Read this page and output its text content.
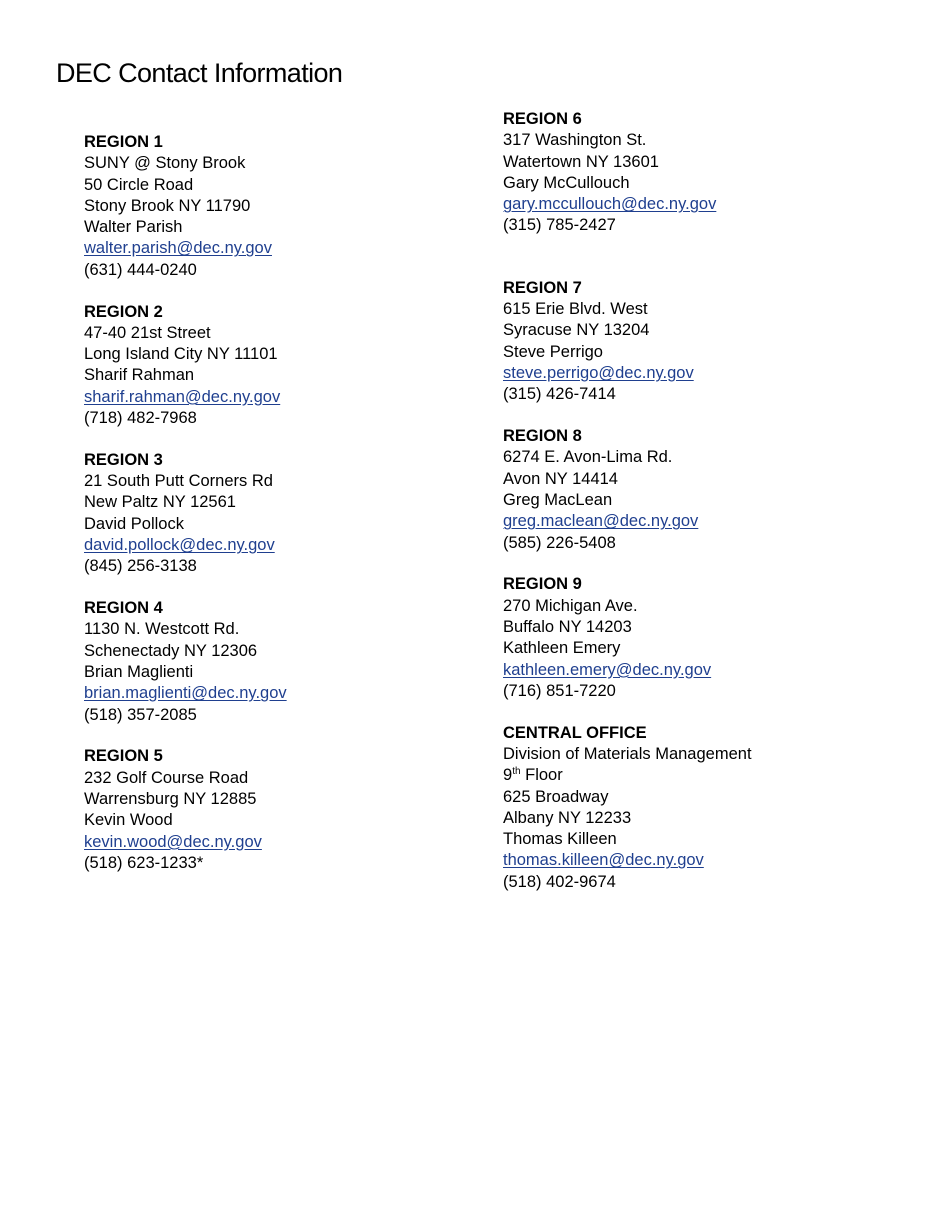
DEC Contact Information
REGION 1
SUNY @ Stony Brook
50 Circle Road
Stony Brook NY 11790
Walter Parish
walter.parish@dec.ny.gov
(631) 444-0240
REGION 2
47-40 21st Street
Long Island City NY 11101
Sharif Rahman
sharif.rahman@dec.ny.gov
(718) 482-7968
REGION 3
21 South Putt Corners Rd
New Paltz NY 12561
David Pollock
david.pollock@dec.ny.gov
(845) 256-3138
REGION 4
1130 N. Westcott Rd.
Schenectady NY 12306
Brian Maglienti
brian.maglienti@dec.ny.gov
(518) 357-2085
REGION 5
232 Golf Course Road
Warrensburg NY 12885
Kevin Wood
kevin.wood@dec.ny.gov
(518) 623-1233*
REGION 6
317 Washington St.
Watertown NY 13601
Gary McCullouch
gary.mccullouch@dec.ny.gov
(315) 785-2427
REGION 7
615 Erie Blvd. West
Syracuse NY 13204
Steve Perrigo
steve.perrigo@dec.ny.gov
(315) 426-7414
REGION 8
6274 E. Avon-Lima Rd.
Avon NY 14414
Greg MacLean
greg.maclean@dec.ny.gov
(585) 226-5408
REGION 9
270 Michigan Ave.
Buffalo NY 14203
Kathleen Emery
kathleen.emery@dec.ny.gov
(716) 851-7220
CENTRAL OFFICE
Division of Materials Management
9th Floor
625 Broadway
Albany NY 12233
Thomas Killeen
thomas.killeen@dec.ny.gov
(518) 402-9674
